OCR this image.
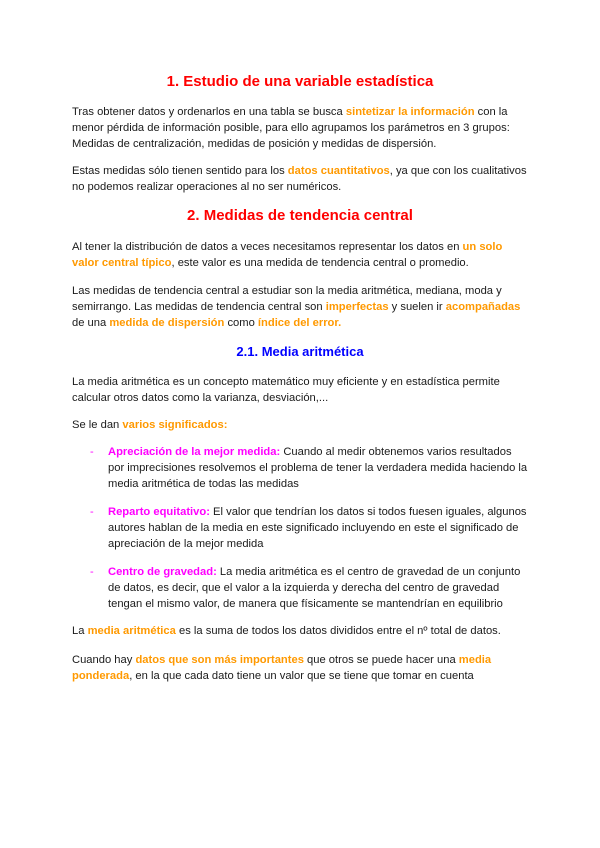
1. Estudio de una variable estadística
Tras obtener datos y ordenarlos en una tabla se busca sintetizar la información con la
menor pérdida de información posible, para ello agrupamos los parámetros en 3 grupos:
Medidas de centralización, medidas de posición y medidas de dispersión.
Estas medidas sólo tienen sentido para los datos cuantitativos, ya que con los cualitativos
no podemos realizar operaciones al no ser numéricos.
2. Medidas de tendencia central
Al tener la distribución de datos a veces necesitamos representar los datos en un solo
valor central típico, este valor es una medida de tendencia central o promedio.
Las medidas de tendencia central a estudiar son la media aritmética, mediana, moda y
semirrango. Las medidas de tendencia central son imperfectas y suelen ir acompañadas
de una medida de dispersión como índice del error.
2.1. Media aritmética
La media aritmética es un concepto matemático muy eficiente y en estadística permite
calcular otros datos como la varianza, desviación,...
Se le dan varios significados:
- Apreciación de la mejor medida: Cuando al medir obtenemos varios resultados
por imprecisiones resolvemos el problema de tener la verdadera medida haciendo la
media aritmética de todas las medidas
- Reparto equitativo: El valor que tendrían los datos si todos fuesen iguales, algunos
autores hablan de la media en este significado incluyendo en este el significado de
apreciación de la mejor medida
- Centro de gravedad: La media aritmética es el centro de gravedad de un conjunto
de datos, es decir, que el valor a la izquierda y derecha del centro de gravedad
tengan el mismo valor, de manera que físicamente se mantendrían en equilibrio
La media aritmética es la suma de todos los datos divididos entre el nº total de datos.
Cuando hay datos que son más importantes que otros se puede hacer una media
ponderada, en la que cada dato tiene un valor que se tiene que tomar en cuenta
